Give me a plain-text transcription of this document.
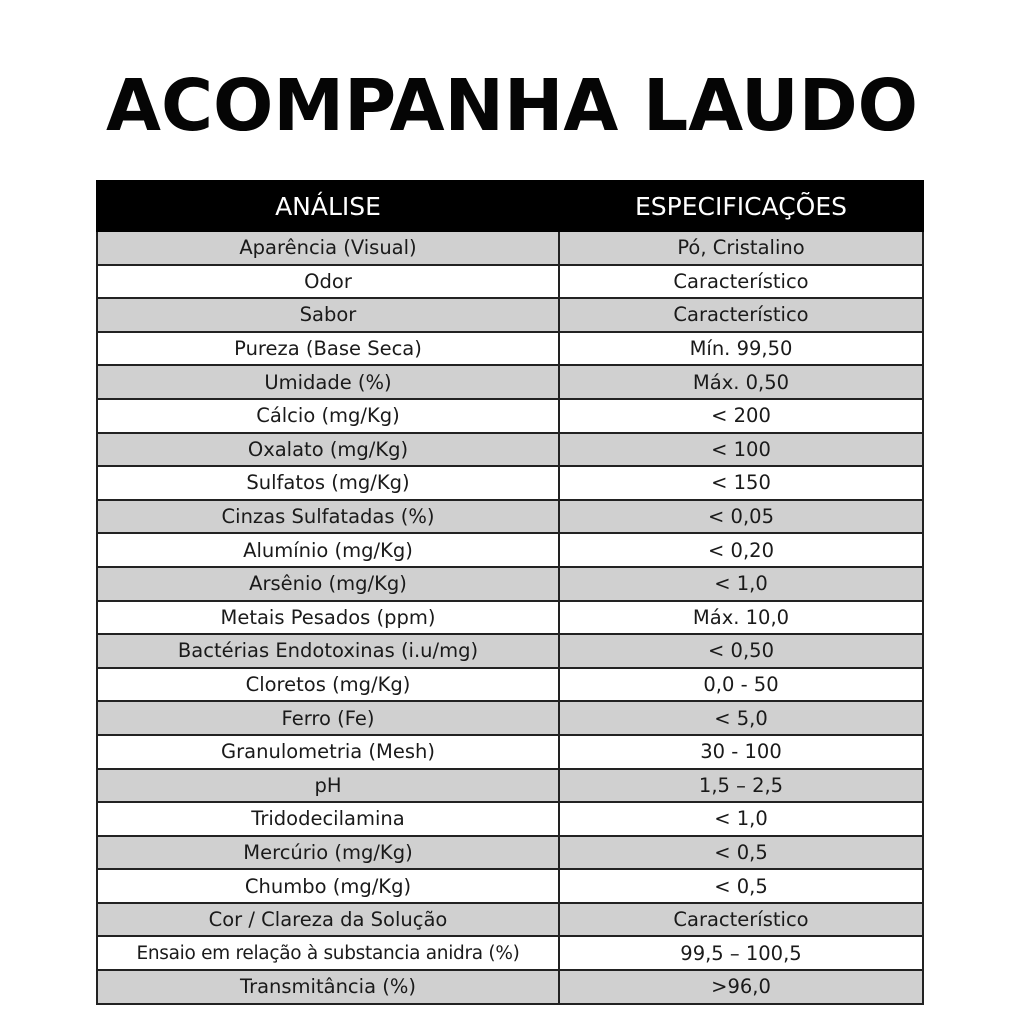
ACOMPANHA LAUDO
ANÁLISE	ESPECIFICAÇÕES
Aparência (Visual)	Pó, Cristalino
Odor	Característico
Sabor	Característico
Pureza (Base Seca)	Mín. 99,50
Umidade (%)	Máx. 0,50
Cálcio (mg/Kg)	< 200
Oxalato (mg/Kg)	< 100
Sulfatos (mg/Kg)	< 150
Cinzas Sulfatadas (%)	< 0,05
Alumínio (mg/Kg)	< 0,20
Arsênio (mg/Kg)	< 1,0
Metais Pesados (ppm)	Máx. 10,0
Bactérias Endotoxinas (i.u/mg)	< 0,50
Cloretos (mg/Kg)	0,0 - 50
Ferro (Fe)	< 5,0
Granulometria (Mesh)	30 - 100
pH	1,5 – 2,5
Tridodecilamina	< 1,0
Mercúrio (mg/Kg)	< 0,5
Chumbo (mg/Kg)	< 0,5
Cor / Clareza da Solução	Característico
Ensaio em relação à substancia anidra (%)	99,5 – 100,5
Transmitância (%)	>96,0
